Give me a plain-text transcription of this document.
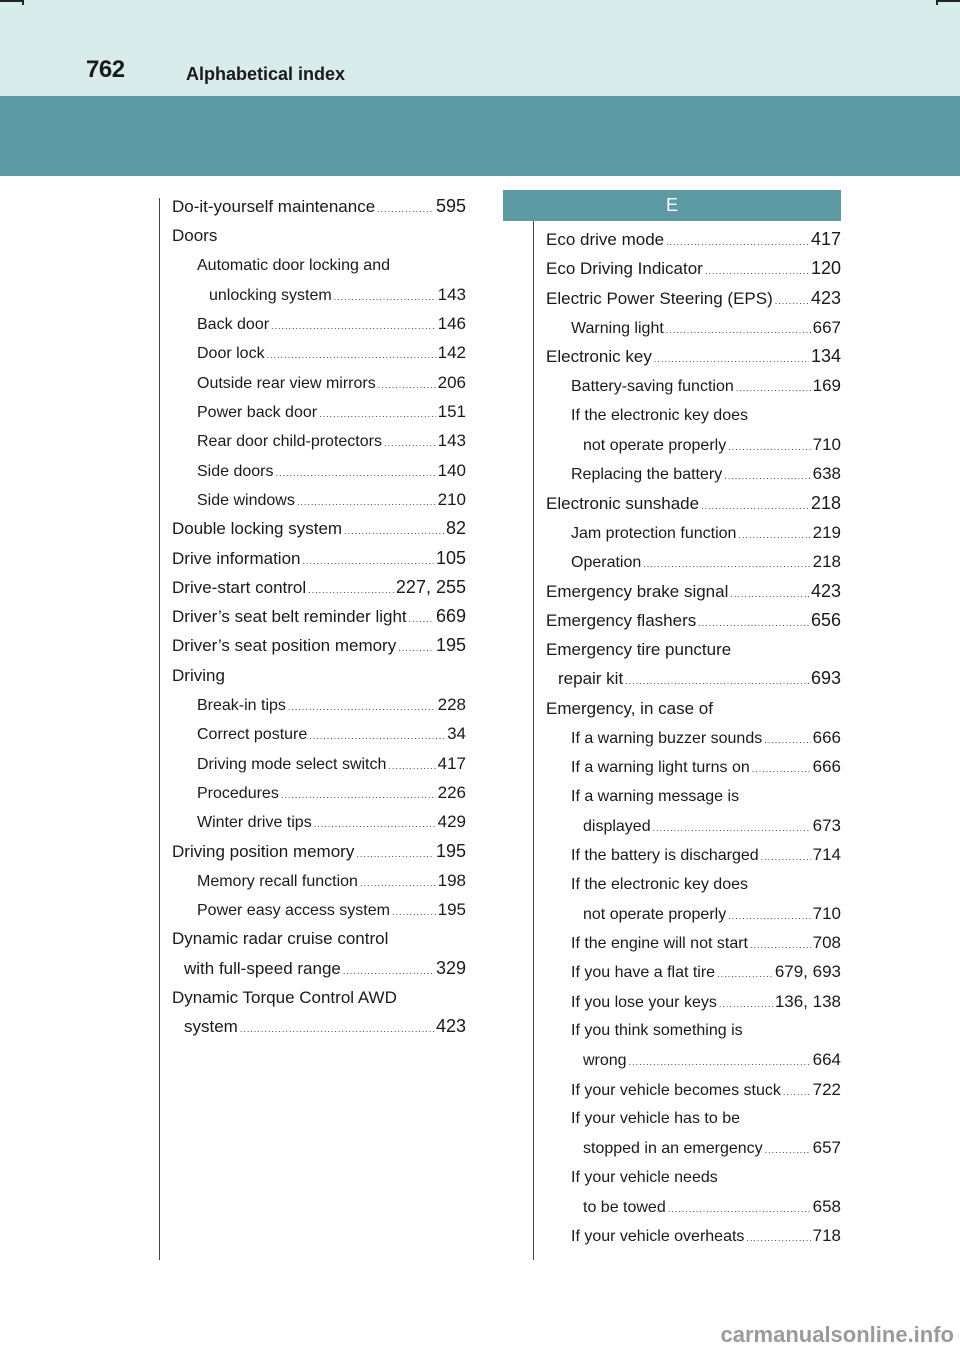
762	Alphabetical index
E
Do-it-yourself maintenance .....	595
Doors
Automatic door locking and
unlocking system .....	143
Back door .....	146
Door lock .....	142
Outside rear view mirrors .....	206
Power back door .....	151
Rear door child-protectors .....	143
Side doors .....	140
Side windows .....	210
Double locking system .....	82
Drive information .....	105
Drive-start control .....	227, 255
Driver’s seat belt reminder light ..... 669
Driver’s seat position memory ..... 195
Driving
Break-in tips .....	228
Correct posture .....	34
Driving mode select switch .....	417
Procedures .....	226
Winter drive tips .....	429
Driving position memory .....	195
Memory recall function .....	198
Power easy access system .....	195
Dynamic radar cruise control
with full-speed range .....	329
Dynamic Torque Control AWD
system .....	423
Eco drive mode .....	417
Eco Driving Indicator .....	120
Electric Power Steering (EPS) ..... 423
Warning light .....	667
Electronic key .....	134
Battery-saving function .....	169
If the electronic key does
not operate properly .....	710
Replacing the battery .....	638
Electronic sunshade .....	218
Jam protection function .....	219
Operation .....	218
Emergency brake signal .....	423
Emergency flashers .....	656
Emergency tire puncture
repair kit .....	693
Emergency, in case of
If a warning buzzer sounds .....	666
If a warning light turns on .....	666
If a warning message is
displayed .....	673
If the battery is discharged .....	714
If the electronic key does
not operate properly .....	710
If the engine will not start .....	708
If you have a flat tire .....	679, 693
If you lose your keys .....	136, 138
If you think something is
wrong .....	664
If your vehicle becomes stuck ..... 722
If your vehicle has to be
stopped in an emergency .....	657
If your vehicle needs
to be towed .....	658
If your vehicle overheats .....	718
carmanualsonline.info
